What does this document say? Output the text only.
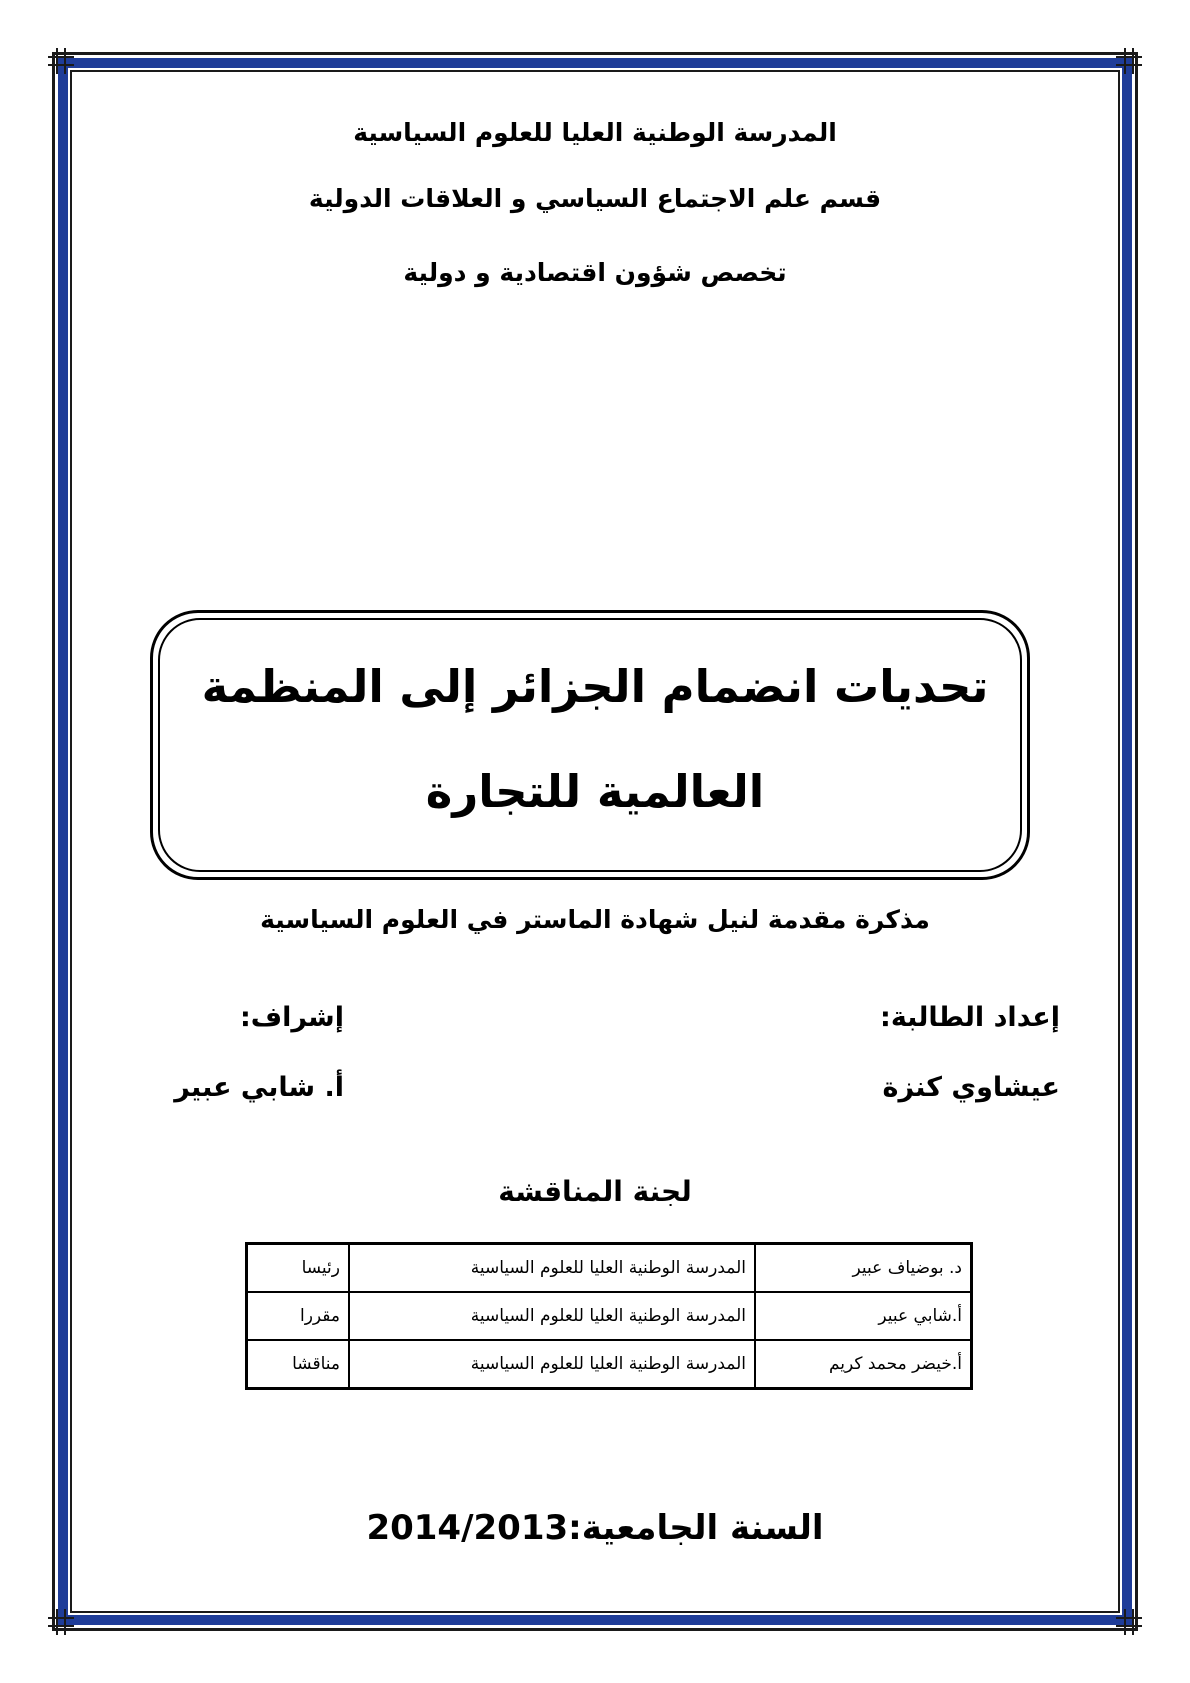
المدرسة الوطنية العليا للعلوم السياسية
قسم علم الاجتماع السياسي و العلاقات الدولية
تخصص شؤون اقتصادية و دولية
تحديات انضمام الجزائر إلى المنظمة
العالمية للتجارة
مذكرة مقدمة لنيل شهادة الماستر في العلوم السياسية
إعداد الطالبة:
إشراف:
عيشاوي كنزة
أ. شابي عبير
لجنة المناقشة
د. بوضياف عبير	المدرسة الوطنية العليا للعلوم السياسية	رئيسا
أ.شابي عبير	المدرسة الوطنية العليا للعلوم السياسية	مقررا
أ.خيضر محمد كريم	المدرسة الوطنية العليا للعلوم السياسية	مناقشا
السنة الجامعية:2014/2013
